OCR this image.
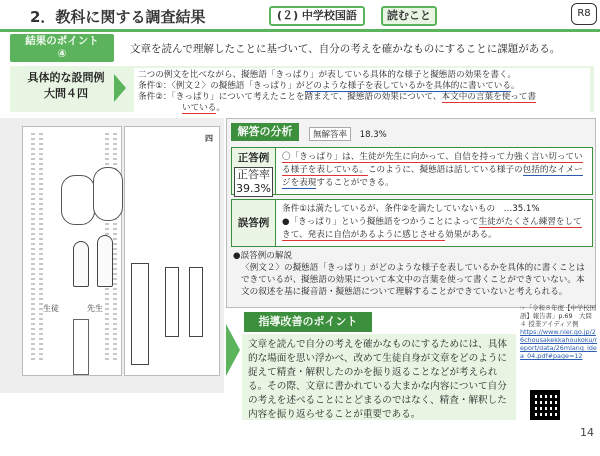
2．教科に関する調査結果	(２) 中学校国語	読むこと	R8
結果のポイント
④	文章を読んで理解したことに基づいて、自分の考えを確かなものにすることに課題がある。
具体的な設問例
大問４四
二つの例文を比べながら、擬態語「きっぱり」が表している具体的な様子と擬態語の効果を書く。
条件①：〈例文２〉の擬態語「きっぱり」がどのような様子を表しているかを具体的に書いている。
条件②：「きっぱり」について考えたことを踏まえて、擬態語の効果について、本文中の言葉を使って書
いている。
生徒	先生
四
解答の分析	無解答率 18.3%
正答例
正答率
39.3%
〇「きっぱり」は、生徒が先生に向かって、自信を持って力強く言い切ってい
る様子を表している。このように、擬態語は話している様子の包括的なイメー
ジを表現することができる。
誤答例
条件①は満たしているが、条件②を満たしていないもの　…35.1%
●「きっぱり」という擬態語をつかうことによって生徒がたくさん練習をして
きて、発表に自信があるように感じさせる効果がある。
●誤答例の解説
〈例文２〉の擬態語「きっぱり」がどのような様子を表しているかを具体的に書くことはできているが、擬態語の効果について本文中の言葉を使って書くことができていない。本文の叙述を基に擬音語・擬態語について理解することができていないと考えられる。
指導改善のポイント
文章を読んで自分の考えを確かなものにするためには、具体的な場面を思い浮かべ、改めて生徒自身が文章をどのように捉えて精査・解釈したのかを振り返ることなどが考えられる。その際、文章に書かれている大まかな内容について自分の考えを述べることにとどまるのではなく、精査・解釈した内容を振り返らせることが重要である。
☞「令和８年度【中学校国語】報告書」p.69　大問４ 授業アイディア例
https://www.nier.go.jp/26chousakekkahoukoku/report/data/26mlang_idea_04.pdf#page=12
14
